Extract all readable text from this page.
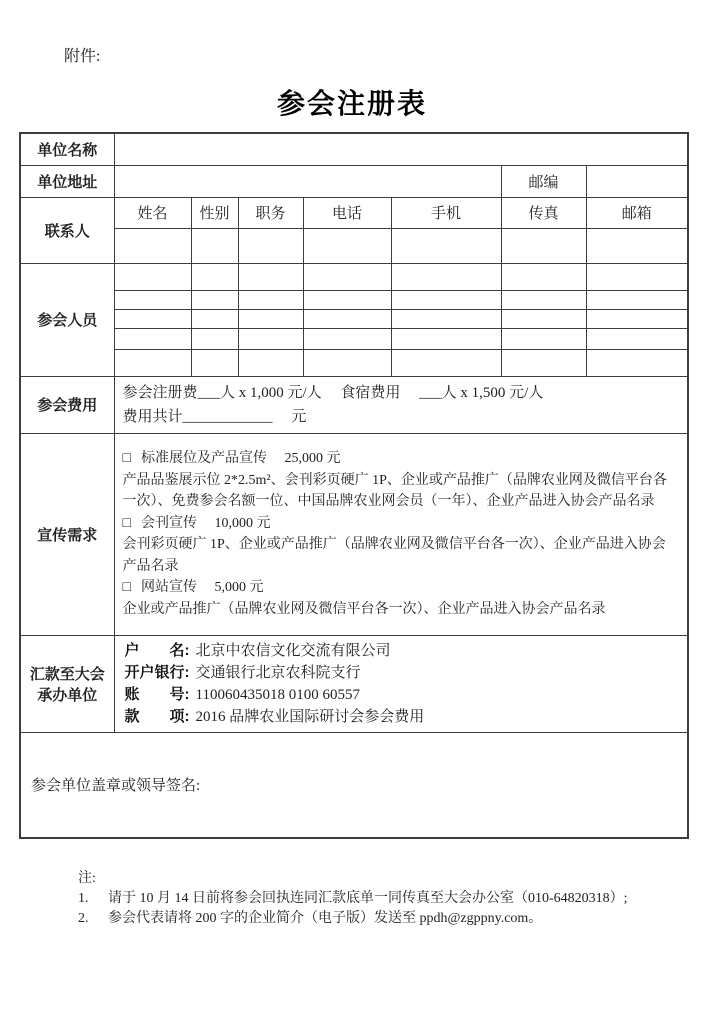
附件:
参会注册表
单位名称							
单位地址						邮编	
联系人	姓名	性别	职务	电话	手机	传真	邮箱

参会人员							

参会费用	参会注册费___人 x 1,000 元/人　 食宿费用　 ___人 x 1,500 元/人
费用共计____________　 元						

宣传需求	
□ 标准展位及产品宣传　 25,000 元
产品品鉴展示位 2*2.5m²、会刊彩页硬广 1P、企业或产品推广（品牌农业网及微信平台各一次）、免费参会名额一位、中国品牌农业网会员（一年）、企业产品进入协会产品名录
□ 会刊宣传　 10,000 元
会刊彩页硬广 1P、企业或产品推广（品牌农业网及微信平台各一次）、企业产品进入协会产品名录
□ 网站宣传　 5,000 元
企业或产品推广（品牌农业网及微信平台各一次）、企业产品进入协会产品名录

汇款至大会
承办单位

户　　名: 北京中农信文化交流有限公司
开户银行: 交通银行北京农科院支行
账　　号: 110060435018 0100 60557
款　　项: 2016 品牌农业国际研讨会参会费用

参会单位盖章或领导签名:							
注:
1.	请于 10 月 14 日前将参会回执连同汇款底单一同传真至大会办公室（010-64820318）;
2.	参会代表请将 200 字的企业简介（电子版）发送至 ppdh@zgppny.com。
